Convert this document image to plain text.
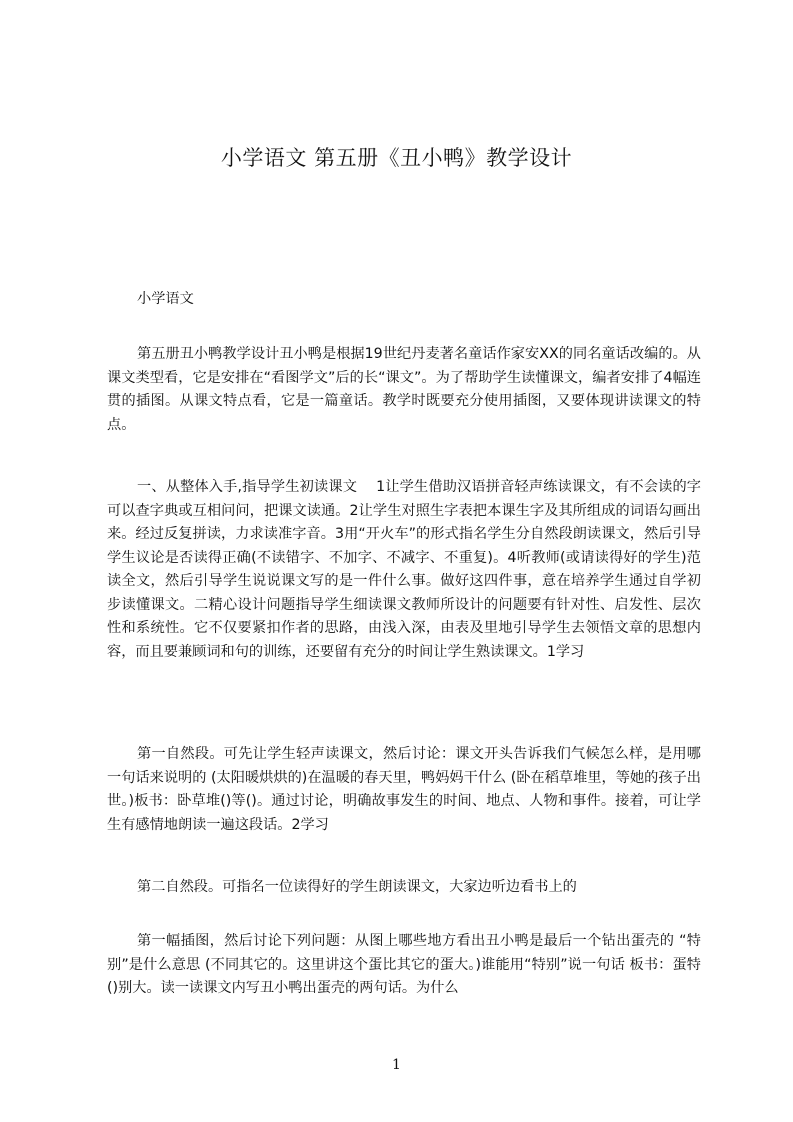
小学语文 第五册《丑小鸭》教学设计
小学语文
第五册丑小鸭教学设计丑小鸭是根据19世纪丹麦著名童话作家安XX的同名童话改编的。从课文类型看，它是安排在“看图学文”后的长“课文”。为了帮助学生读懂课文，编者安排了4幅连贯的插图。从课文特点看，它是一篇童话。教学时既要充分使用插图，又要体现讲读课文的特点。
一、从整体入手,指导学生初读课文　 1让学生借助汉语拼音轻声练读课文，有不会读的字可以查字典或互相问问，把课文读通。2让学生对照生字表把本课生字及其所组成的词语勾画出来。经过反复拼读，力求读准字音。3用“开火车”的形式指名学生分自然段朗读课文，然后引导学生议论是否读得正确(不读错字、不加字、不减字、不重复)。4听教师(或请读得好的学生)范读全文，然后引导学生说说课文写的是一件什么事。做好这四件事，意在培养学生通过自学初步读懂课文。二精心设计问题指导学生细读课文教师所设计的问题要有针对性、启发性、层次性和系统性。它不仅要紧扣作者的思路，由浅入深，由表及里地引导学生去领悟文章的思想内容，而且要兼顾词和句的训练，还要留有充分的时间让学生熟读课文。1学习
第一自然段。可先让学生轻声读课文，然后讨论：课文开头告诉我们气候怎么样，是用哪一句话来说明的 (太阳暖烘烘的)在温暖的春天里，鸭妈妈干什么 (卧在稻草堆里，等她的孩子出世。)板书：卧草堆()等()。通过讨论，明确故事发生的时间、地点、人物和事件。接着，可让学生有感情地朗读一遍这段话。2学习
第二自然段。可指名一位读得好的学生朗读课文，大家边听边看书上的
第一幅插图，然后讨论下列问题：从图上哪些地方看出丑小鸭是最后一个钻出蛋壳的 “特别”是什么意思 (不同其它的。这里讲这个蛋比其它的蛋大。)谁能用“特别”说一句话 板书：蛋特()别大。读一读课文内写丑小鸭出蛋壳的两句话。为什么
1
